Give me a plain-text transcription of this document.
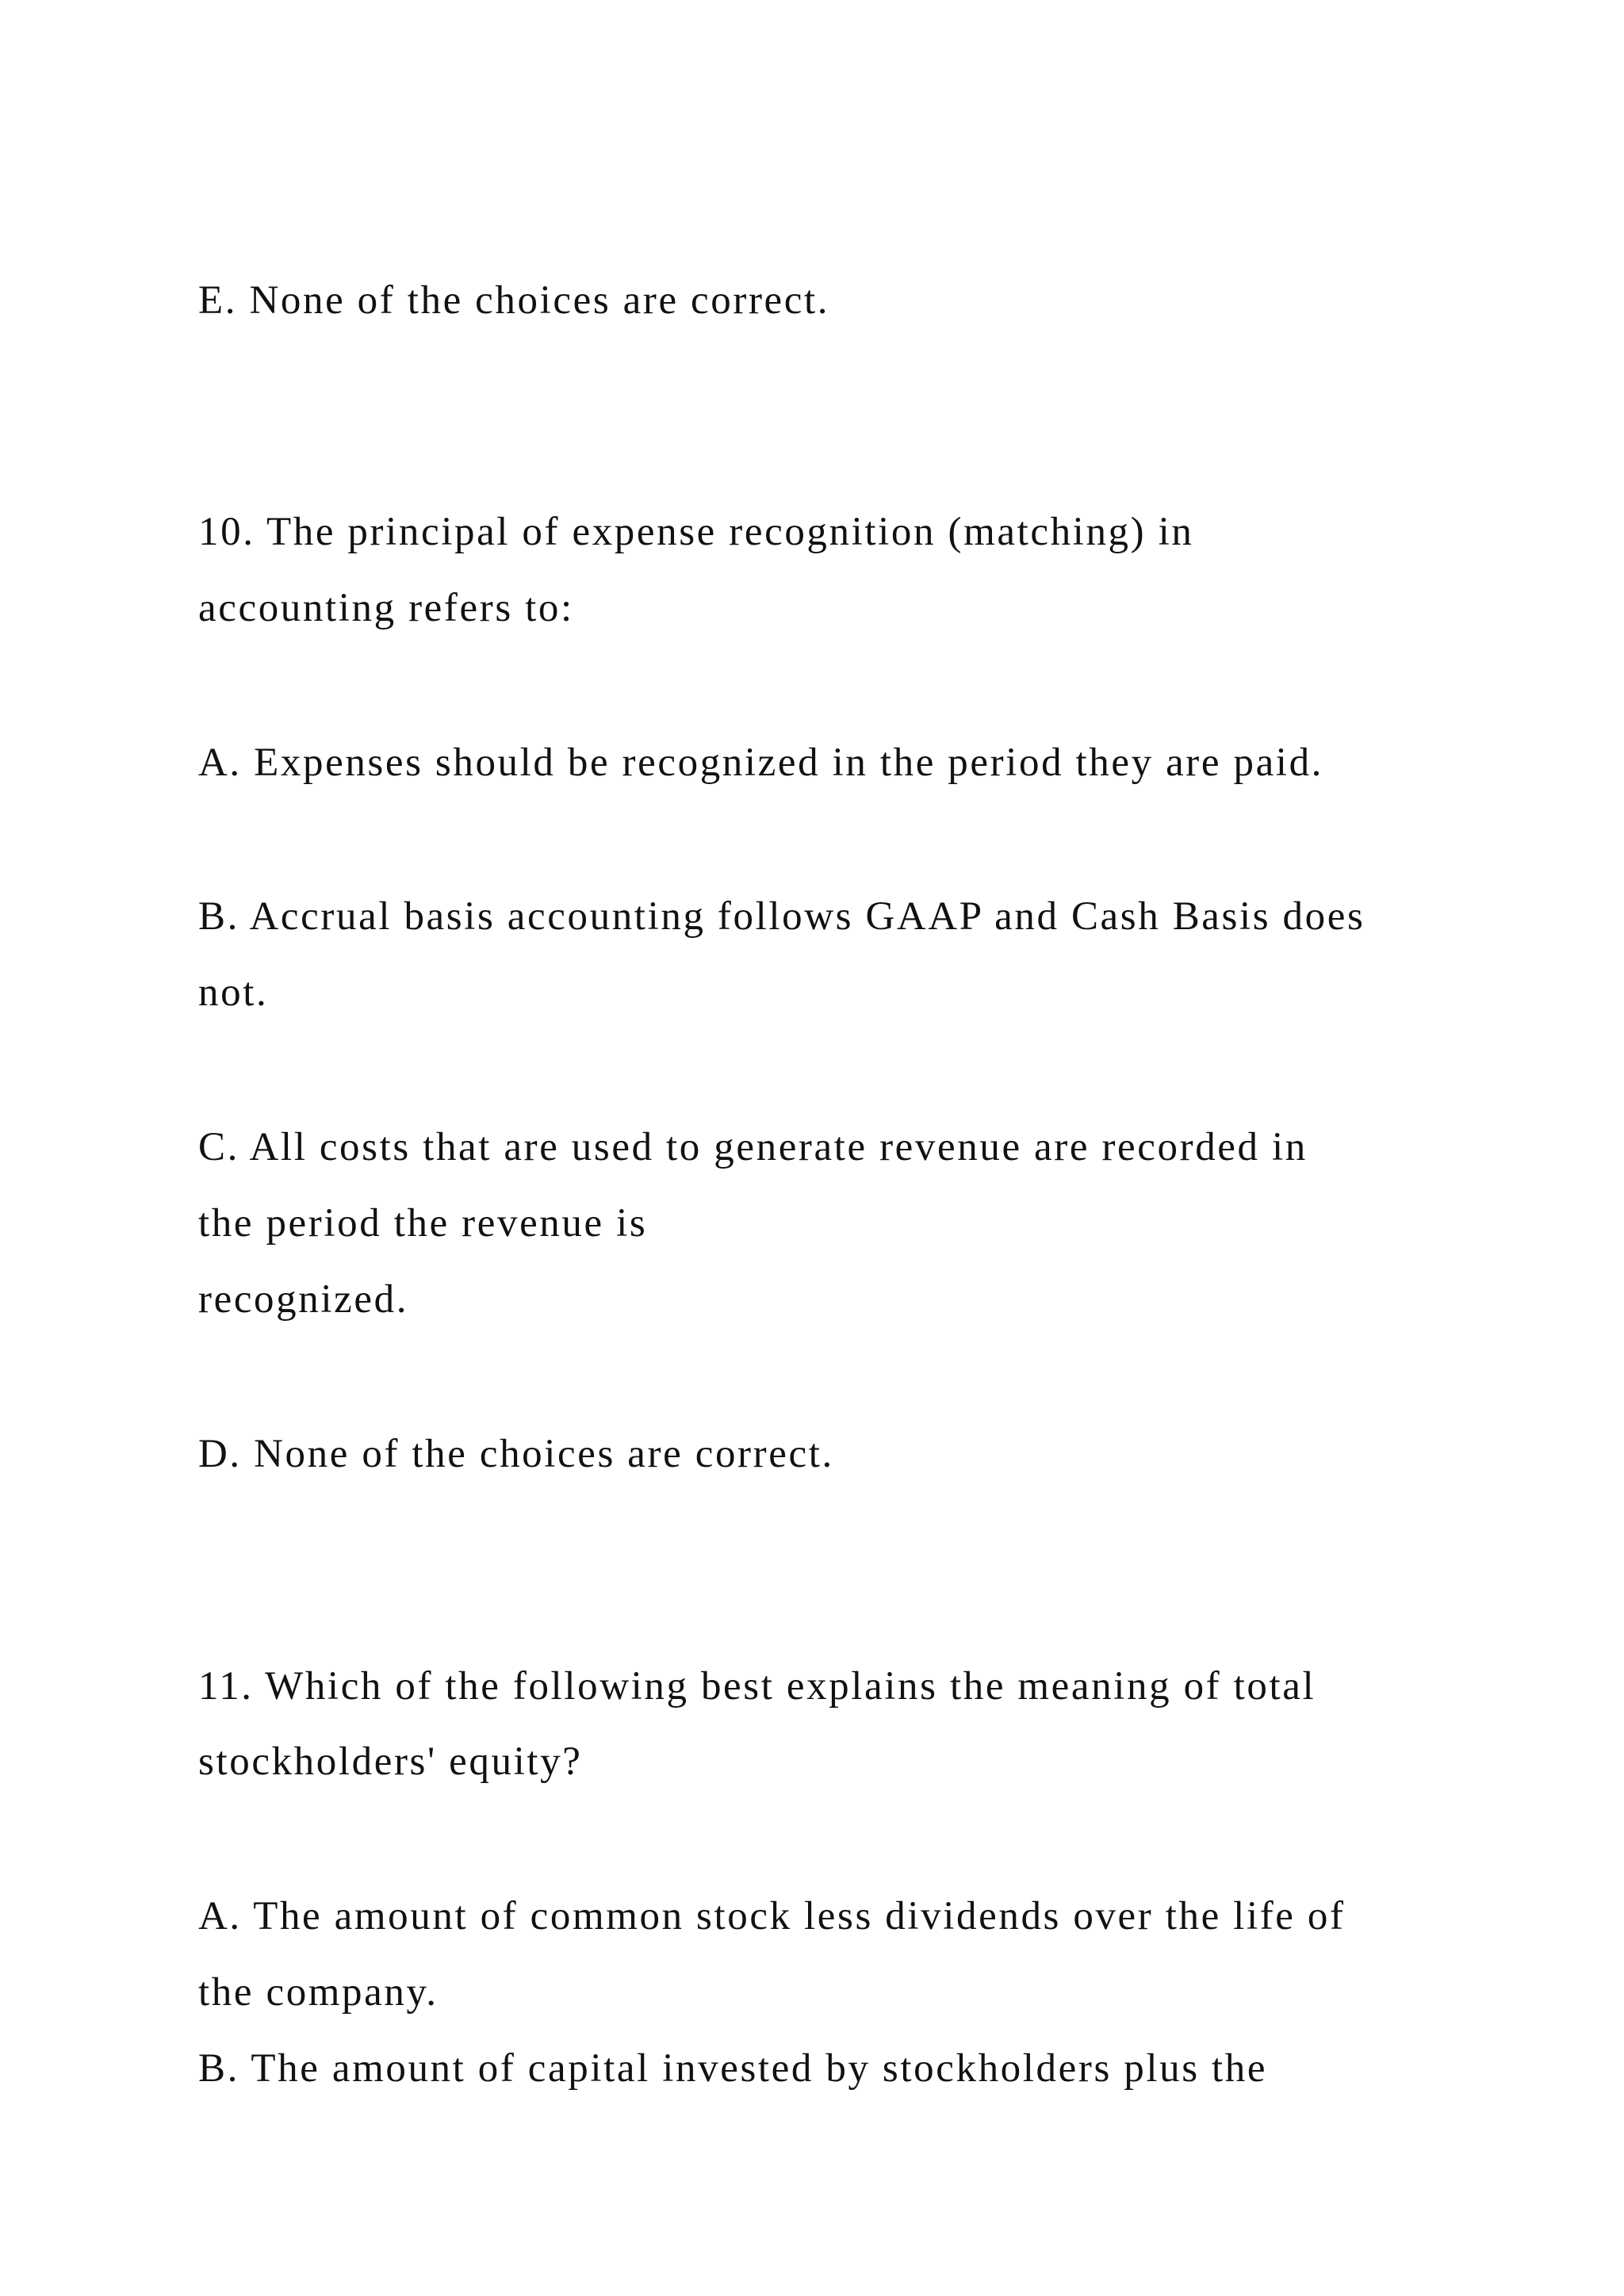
E. None of the choices are correct.

10. The principal of expense recognition (matching) in

accounting refers to:

A. Expenses should be recognized in the period they are paid.

B. Accrual basis accounting follows GAAP and Cash Basis does

not.

C. All costs that are used to generate revenue are recorded in

the period the revenue is

recognized.

D. None of the choices are correct.

11. Which of the following best explains the meaning of total

stockholders' equity?

A. The amount of common stock less dividends over the life of

the company.

B. The amount of capital invested by stockholders plus the
